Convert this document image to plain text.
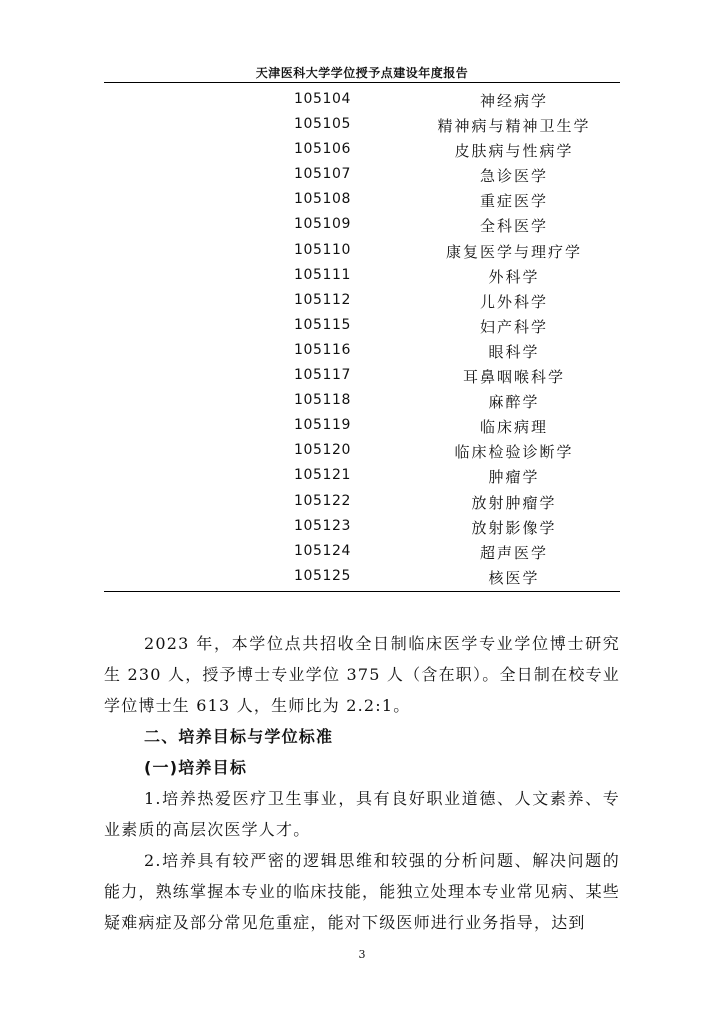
天津医科大学学位授予点建设年度报告
105104	神经病学
105105	精神病与精神卫生学
105106	皮肤病与性病学
105107	急诊医学
105108	重症医学
105109	全科医学
105110	康复医学与理疗学
105111	外科学
105112	儿外科学
105115	妇产科学
105116	眼科学
105117	耳鼻咽喉科学
105118	麻醉学
105119	临床病理
105120	临床检验诊断学
105121	肿瘤学
105122	放射肿瘤学
105123	放射影像学
105124	超声医学
105125	核医学

2023 年，本学位点共招收全日制临床医学专业学位博士研究生 230 人，授予博士专业学位 375 人（含在职）。全日制在校专业学位博士生 613 人，生师比为 2.2:1。

二、培养目标与学位标准

(一)培养目标

1.培养热爱医疗卫生事业，具有良好职业道德、人文素养、专业素质的高层次医学人才。

2.培养具有较严密的逻辑思维和较强的分析问题、解决问题的能力，熟练掌握本专业的临床技能，能独立处理本专业常见病、某些疑难病症及部分常见危重症，能对下级医师进行业务指导，达到

3
